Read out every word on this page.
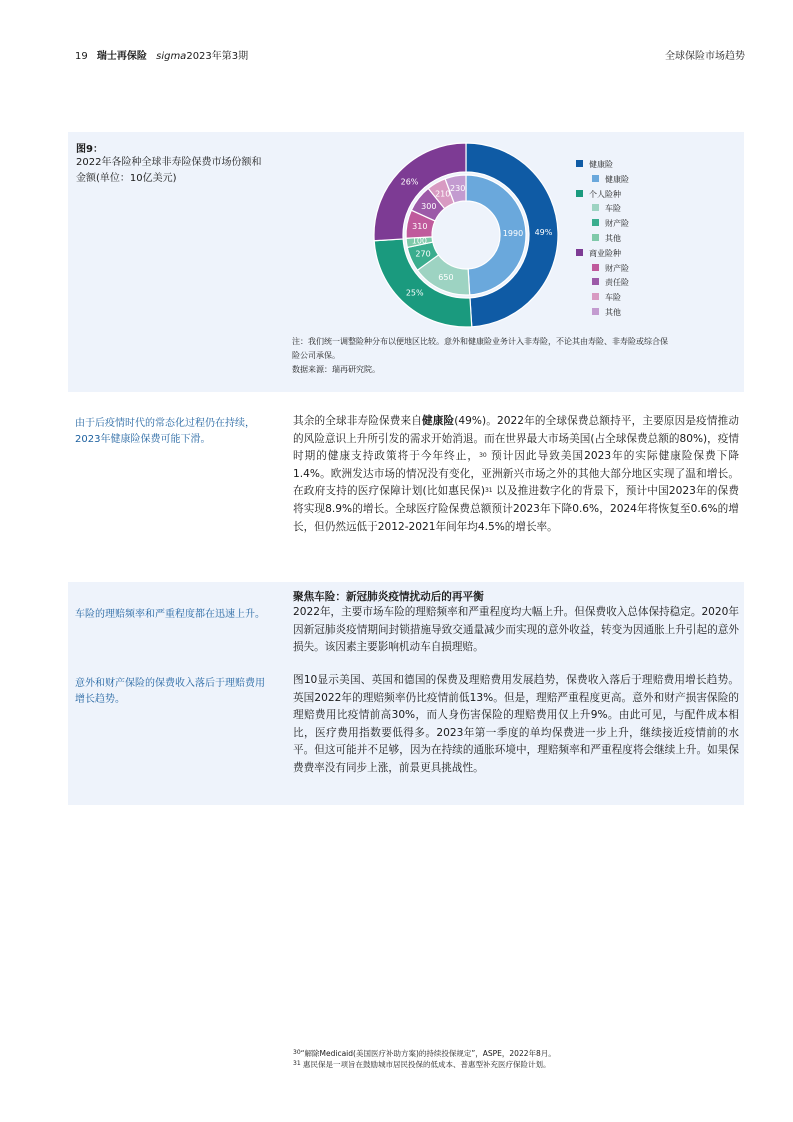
19 瑞士再保险 sigma2023年第3期	全球保险市场趋势
图9：
2022年各险种全球非寿险保费市场份额和金额(单位：10亿美元)
49%
25%
26%
1990
650
270
100
310
300
210
230
健康险
健康险
个人险种
车险
财产险
其他
商业险种
财产险
责任险
车险
其他
注：我们统一调整险种分布以便地区比较。意外和健康险业务计入非寿险，不论其由寿险、非寿险或综合保
险公司承保。
数据来源：瑞再研究院。
由于后疫情时代的常态化过程仍在持续，2023年健康险保费可能下滑。
其余的全球非寿险保费来自健康险(49%)。2022年的全球保费总额持平，主要原因是疫情推动的风险意识上升所引发的需求开始消退。而在世界最大市场美国(占全球保费总额的80%)，疫情时期的健康支持政策将于今年终止，$^{30}$ 预计因此导致美国2023年的实际健康险保费下降1.4%。欧洲发达市场的情况没有变化，亚洲新兴市场之外的其他大部分地区实现了温和增长。在政府支持的医疗保障计划(比如惠民保)$^{31}$ 以及推进数字化的背景下，预计中国2023年的保费将实现8.9%的增长。全球医疗险保费总额预计2023年下降0.6%，2024年将恢复至0.6%的增长，但仍然远低于2012-2021年间年均4.5%的增长率。
聚焦车险：新冠肺炎疫情扰动后的再平衡
车险的理赔频率和严重程度都在迅速上升。	2022年，主要市场车险的理赔频率和严重程度均大幅上升。但保费收入总体保持稳定。2020年因新冠肺炎疫情期间封锁措施导致交通量减少而实现的意外收益，转变为因通胀上升引起的意外损失。该因素主要影响机动车自损理赔。
意外和财产保险的保费收入落后于理赔费用增长趋势。
图10显示美国、英国和德国的保费及理赔费用发展趋势，保费收入落后于理赔费用增长趋势。英国2022年的理赔频率仍比疫情前低13%。但是，理赔严重程度更高。意外和财产损害保险的理赔费用比疫情前高30%，而人身伤害保险的理赔费用仅上升9%。由此可见，与配件成本相比，医疗费用指数要低得多。2023年第一季度的单均保费进一步上升，继续接近疫情前的水平。但这可能并不足够，因为在持续的通胀环境中，理赔频率和严重程度将会继续上升。如果保费费率没有同步上涨，前景更具挑战性。
$^{30}$“解除Medicaid(美国医疗补助方案)的持续投保规定”，ASPE，2022年8月。
$^{31}$ 惠民保是一项旨在鼓励城市居民投保的低成本、普惠型补充医疗保险计划。
